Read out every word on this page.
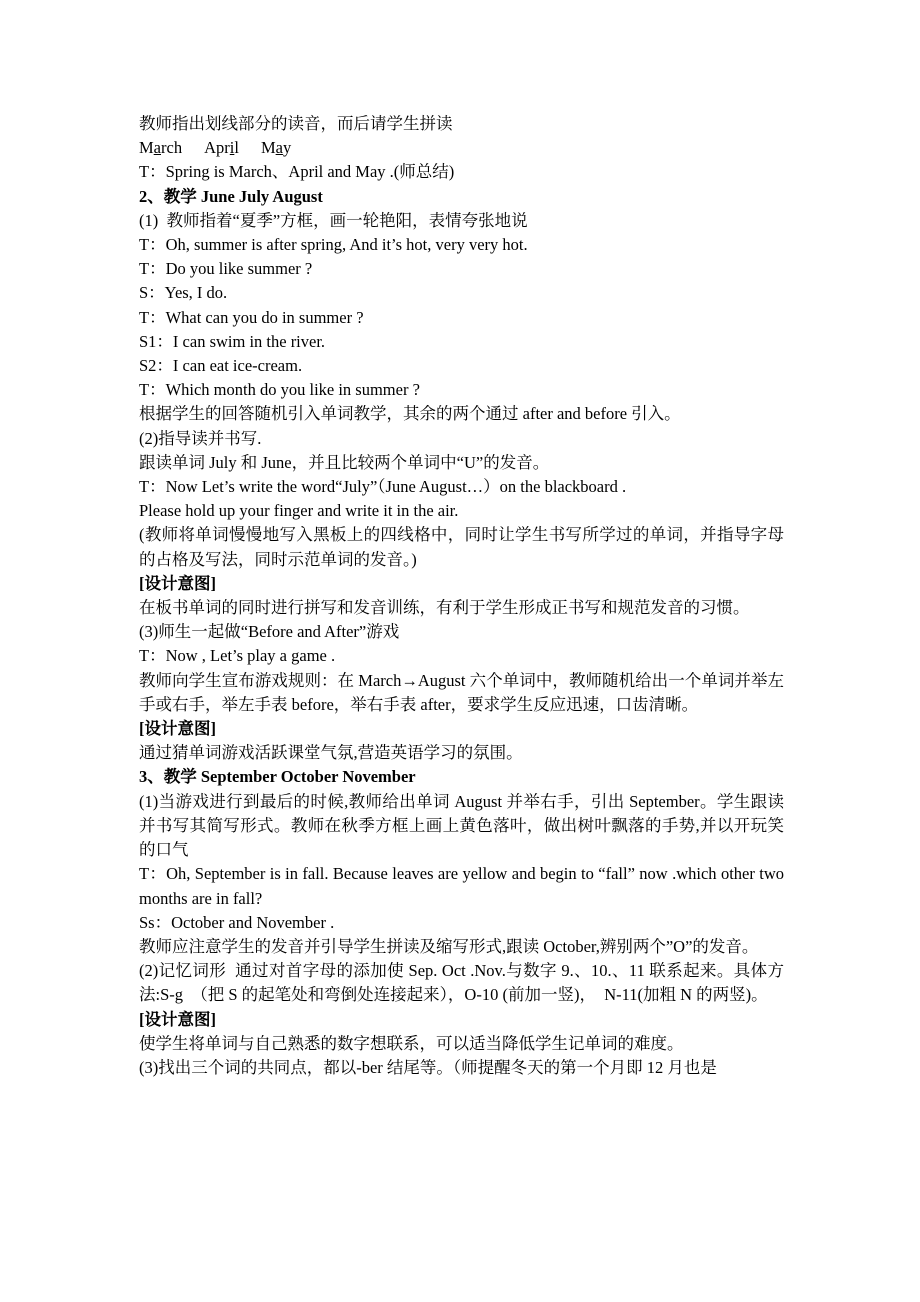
教师指出划线部分的读音，而后请学生拼读

March April May

T：Spring is March、April and May .(师总结)

2、教学 June July August

(1)  教师指着“夏季”方框，画一轮艳阳，表情夸张地说

T：Oh, summer is after spring, And it’s hot, very very hot.

T：Do you like summer ?

S：Yes, I do.

T：What can you do in summer ?

S1：I can swim in the river.

S2：I can eat ice-cream.

T：Which month do you like in summer ?

根据学生的回答随机引入单词教学，其余的两个通过 after and before 引入。

(2)指导读并书写.

跟读单词 July 和 June，并且比较两个单词中“U”的发音。

T：Now Let’s write the word“July”（June August…）on the blackboard .

Please hold up your finger and write it in the air.

(教师将单词慢慢地写入黑板上的四线格中，同时让学生书写所学过的单词，并指导字母的占格及写法，同时示范单词的发音。)

[设计意图]

在板书单词的同时进行拼写和发音训练，有利于学生形成正书写和规范发音的习惯。

(3)师生一起做“Before and After”游戏

T：Now , Let’s play a game .

教师向学生宣布游戏规则：在 March→August 六个单词中，教师随机给出一个单词并举左手或右手，举左手表 before，举右手表 after，要求学生反应迅速，口齿清晰。

[设计意图]

通过猜单词游戏活跃课堂气氛,营造英语学习的氛围。

3、教学 September October November

(1)当游戏进行到最后的时候,教师给出单词 August 并举右手，引出 September。学生跟读并书写其简写形式。教师在秋季方框上画上黄色落叶，做出树叶飘落的手势,并以开玩笑的口气

T：Oh, September is in fall. Because leaves are yellow and begin to “fall” now .which other two months are in fall?

Ss：October and November .

教师应注意学生的发音并引导学生拼读及缩写形式,跟读 October,辨别两个”O”的发音。

(2)记忆词形  通过对首字母的添加使 Sep. Oct .Nov.与数字 9.、10.、11 联系起来。具体方法:S-g  （把 S 的起笔处和弯倒处连接起来），O-10 (前加一竖)，  N-11(加粗 N 的两竖)。

[设计意图]

使学生将单词与自己熟悉的数字想联系，可以适当降低学生记单词的难度。

(3)找出三个词的共同点，都以-ber 结尾等。（师提醒冬天的第一个月即 12 月也是
